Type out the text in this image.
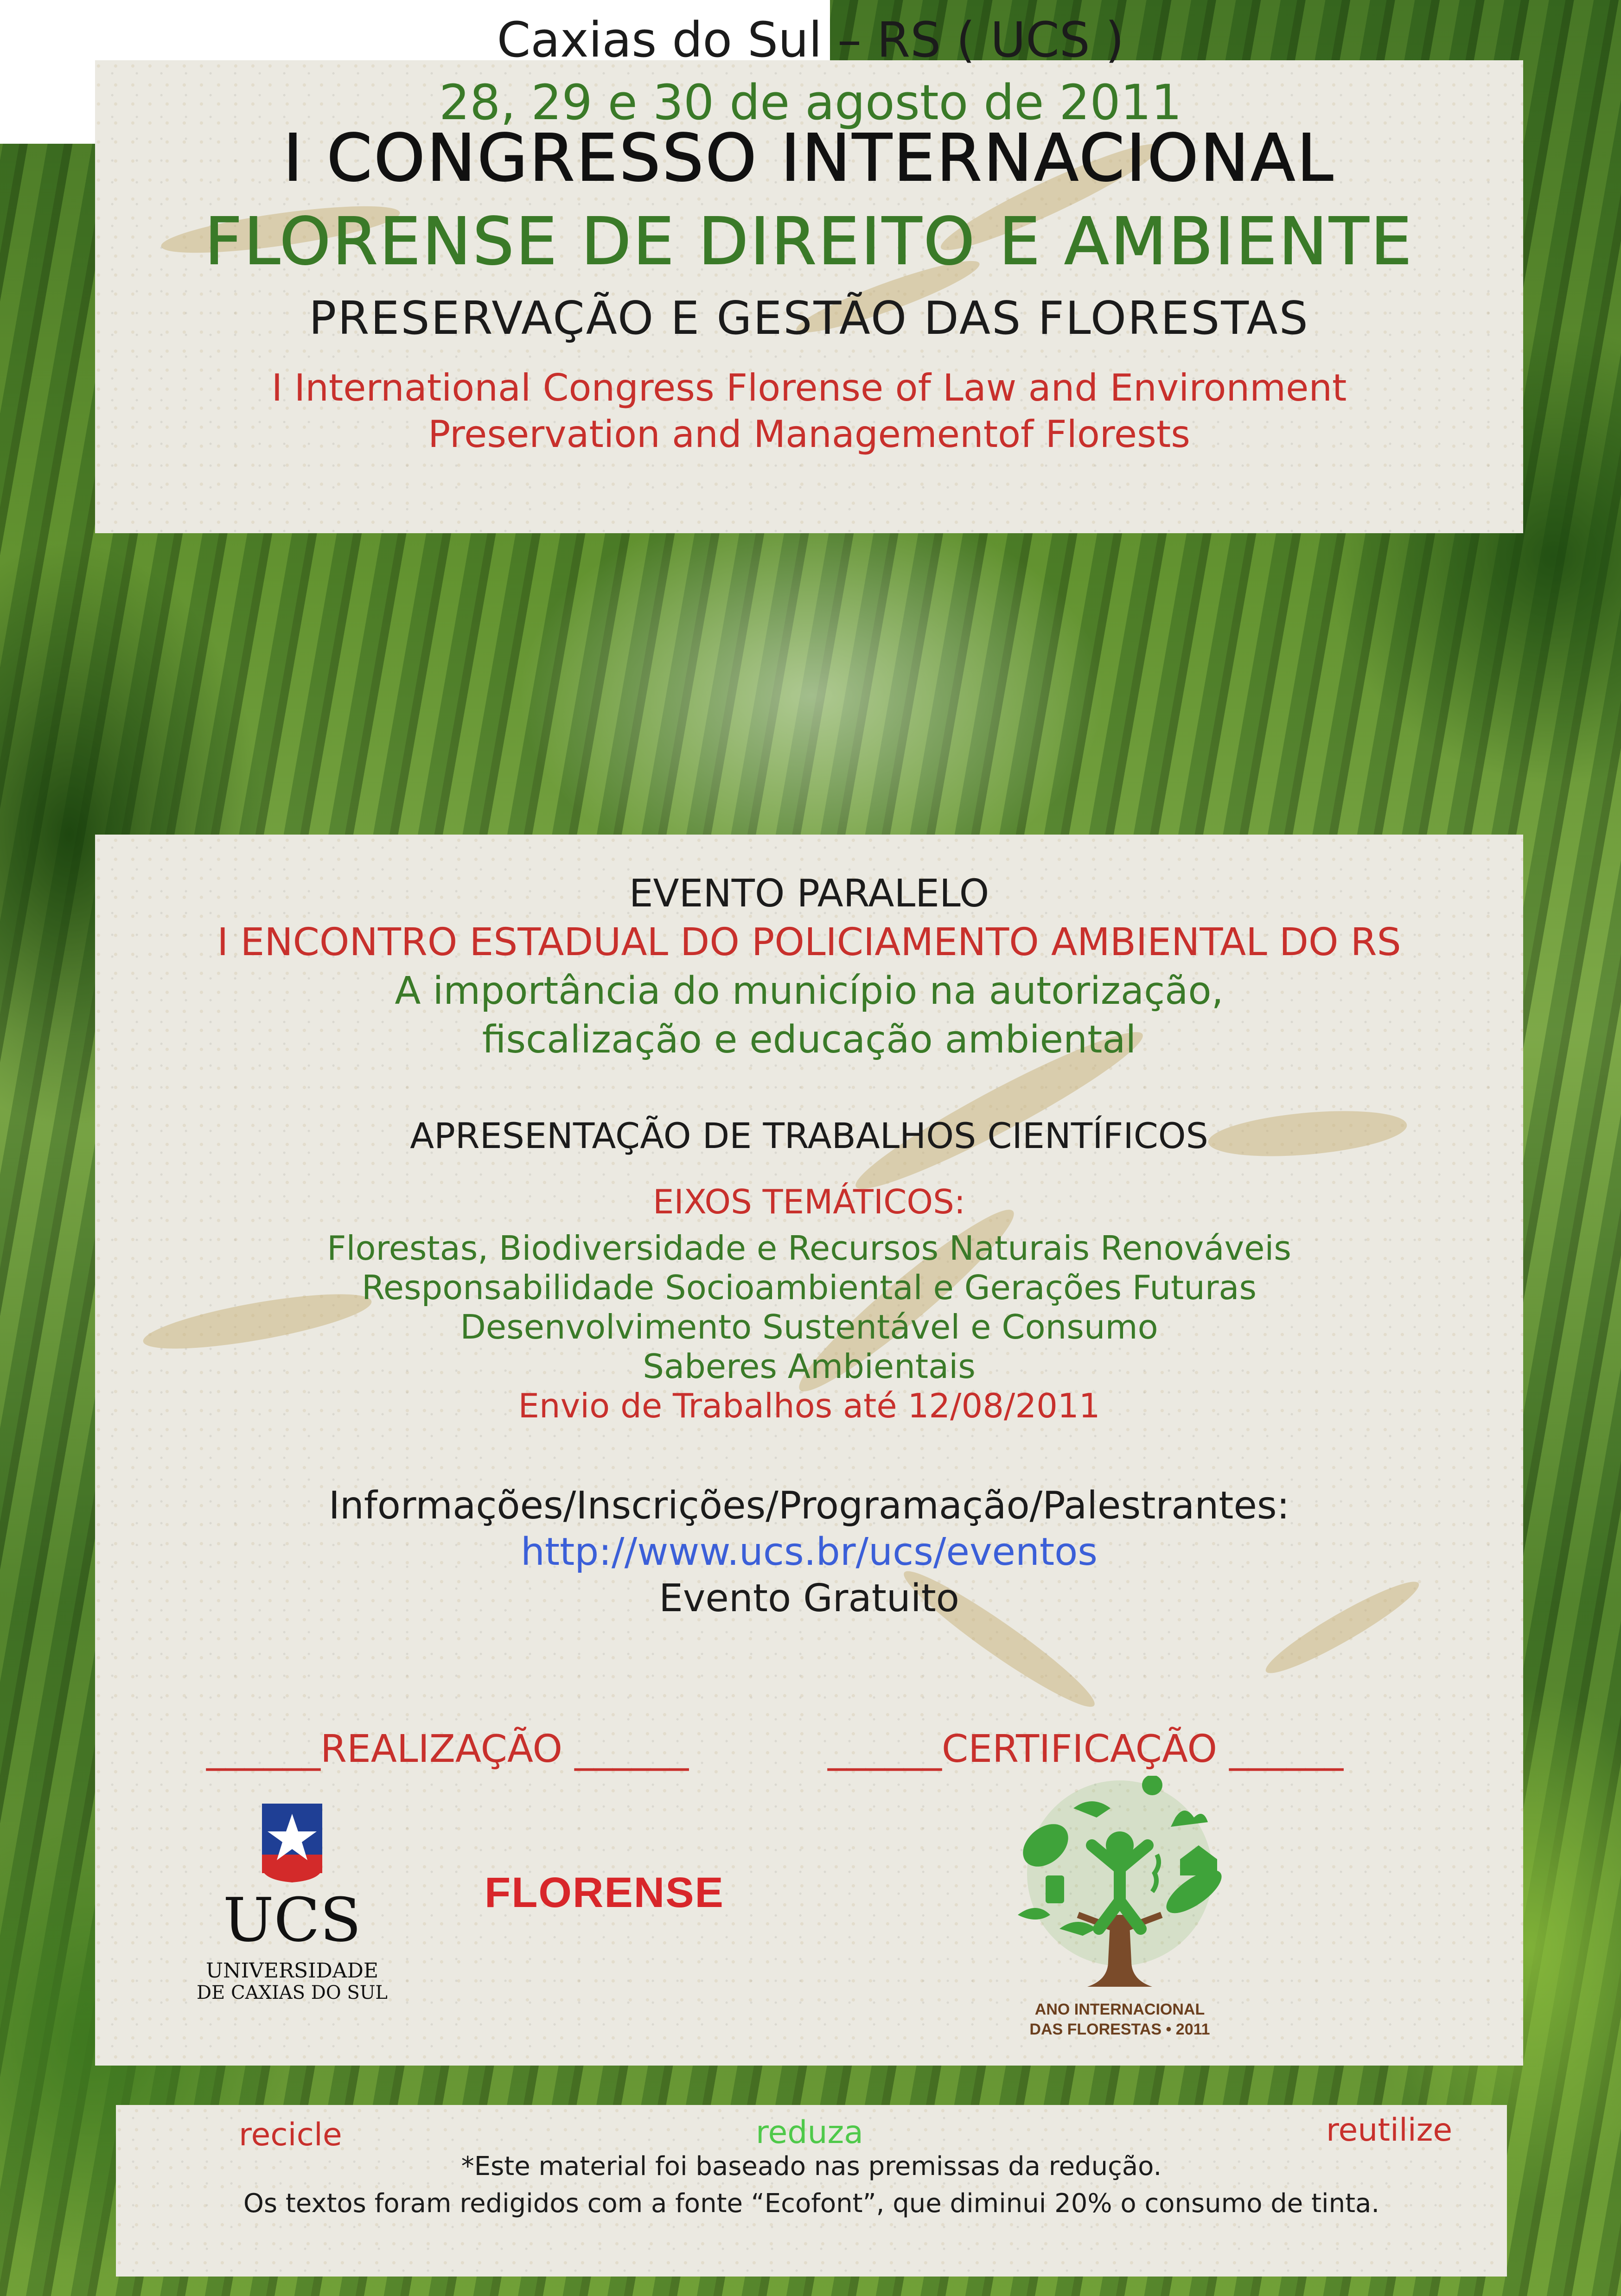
I CONGRESSO INTERNACIONAL
FLORENSE DE DIREITO E AMBIENTE
PRESERVAÇÃO E GESTÃO DAS FLORESTAS
I International Congress Florense of Law and Environment
Preservation and Managementof Florests
Caxias do Sul – RS ( UCS )
28, 29 e 30 de agosto de 2011
EVENTO PARALELO
I ENCONTRO ESTADUAL DO POLICIAMENTO AMBIENTAL DO RS
A importância do município na autorização,
fiscalização e educação ambiental
APRESENTAÇÃO DE TRABALHOS CIENTÍFICOS
EIXOS TEMÁTICOS:
Florestas, Biodiversidade e Recursos Naturais Renováveis
Responsabilidade Socioambiental e Gerações Futuras
Desenvolvimento Sustentável e Consumo
Saberes Ambientais
Envio de Trabalhos até 12/08/2011
Informações/Inscrições/Programação/Palestrantes:
http://www.ucs.br/ucs/eventos
Evento Gratuito
______REALIZAÇÃO ______	______CERTIFICAÇÃO ______
UCS
UNIVERSIDADE
DE CAXIAS DO SUL
FLORENSE
ANO INTERNACIONAL
DAS FLORESTAS • 2011
recicle	reduza	reutilize
*Este material foi baseado nas premissas da redução.
Os textos foram redigidos com a fonte “Ecofont”, que diminui 20% o consumo de tinta.
